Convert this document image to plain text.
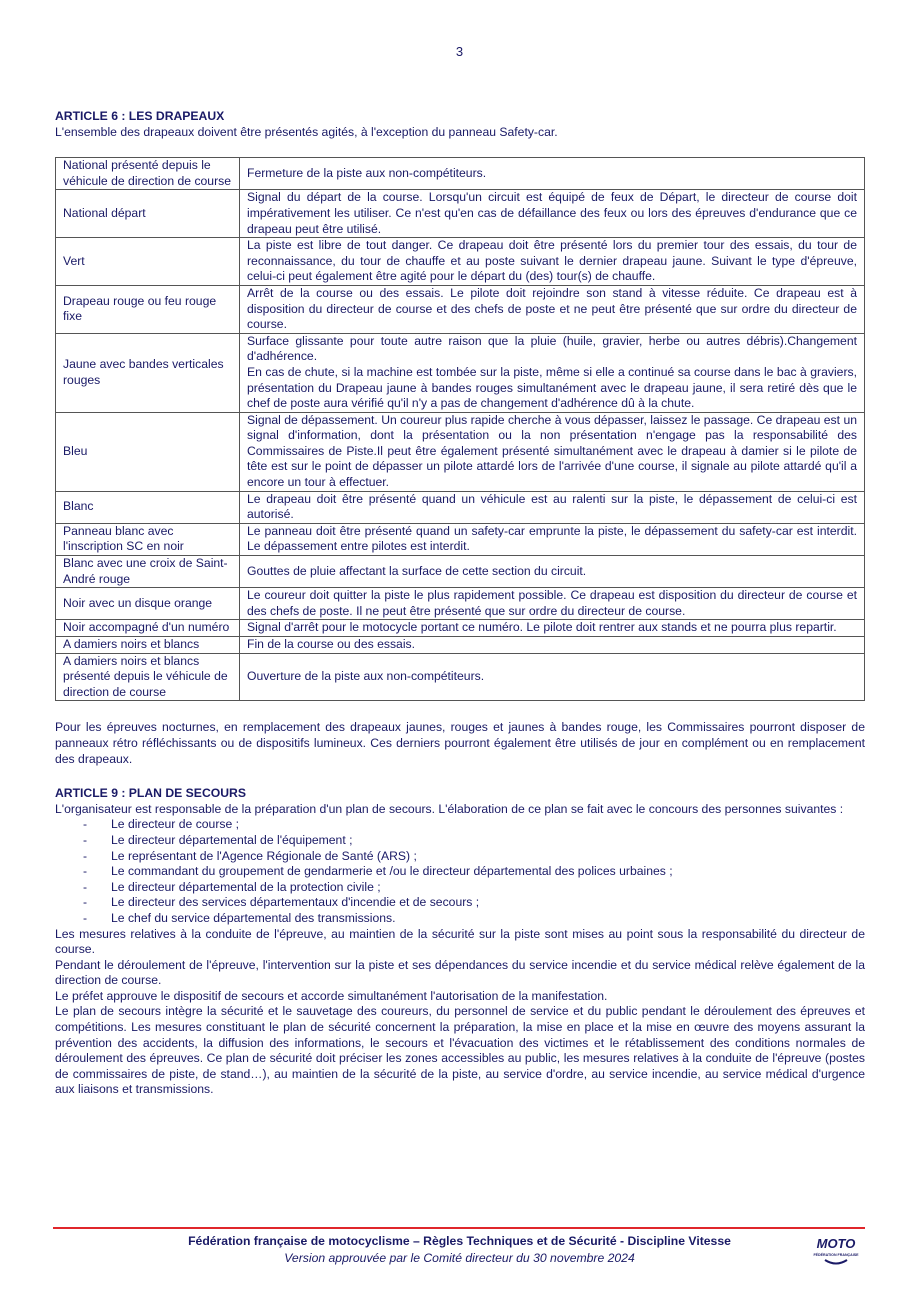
3
ARTICLE 6 : LES DRAPEAUX
L'ensemble des drapeaux doivent être présentés agités, à l'exception du panneau Safety-car.
National présenté depuis le véhicule de direction de course	Fermeture de la piste aux non-compétiteurs.
National départ	Signal du départ de la course. Lorsqu'un circuit est équipé de feux de Départ, le directeur de course doit impérativement les utiliser. Ce n'est qu'en cas de défaillance des feux ou lors des épreuves d'endurance que ce drapeau peut être utilisé.
Vert	La piste est libre de tout danger. Ce drapeau doit être présenté lors du premier tour des essais, du tour de reconnaissance, du tour de chauffe et au poste suivant le dernier drapeau jaune. Suivant le type d'épreuve, celui-ci peut également être agité pour le départ du (des) tour(s) de chauffe.
Drapeau rouge ou feu rouge fixe	Arrêt de la course ou des essais. Le pilote doit rejoindre son stand à vitesse réduite. Ce drapeau est à disposition du directeur de course et des chefs de poste et ne peut être présenté que sur ordre du directeur de course.
Jaune avec bandes verticales rouges	Surface glissante pour toute autre raison que la pluie (huile, gravier, herbe ou autres débris).Changement d'adhérence.
En cas de chute, si la machine est tombée sur la piste, même si elle a continué sa course dans le bac à graviers, présentation du Drapeau jaune à bandes rouges simultanément avec le drapeau jaune, il sera retiré dès que le chef de poste aura vérifié qu'il n'y a pas de changement d'adhérence dû à la chute.
Bleu	Signal de dépassement. Un coureur plus rapide cherche à vous dépasser, laissez le passage. Ce drapeau est un signal d'information, dont la présentation ou la non présentation n'engage pas la responsabilité des Commissaires de Piste.Il peut être également présenté simultanément avec le drapeau à damier si le pilote de tête est sur le point de dépasser un pilote attardé lors de l'arrivée d'une course, il signale au pilote attardé qu'il a encore un tour à effectuer.
Blanc	Le drapeau doit être présenté quand un véhicule est au ralenti sur la piste, le dépassement de celui-ci est autorisé.
Panneau blanc avec l'inscription SC en noir	Le panneau doit être présenté quand un safety-car emprunte la piste, le dépassement du safety-car est interdit. Le dépassement entre pilotes est interdit.
Blanc avec une croix de Saint-André rouge	Gouttes de pluie affectant la surface de cette section du circuit.
Noir avec un disque orange	Le coureur doit quitter la piste le plus rapidement possible. Ce drapeau est disposition du directeur de course et des chefs de poste. Il ne peut être présenté que sur ordre du directeur de course.
Noir accompagné d'un numéro	Signal d'arrêt pour le motocycle portant ce numéro. Le pilote doit rentrer aux stands et ne pourra plus repartir.
A damiers noirs et blancs	Fin de la course ou des essais.
A damiers noirs et blancs présenté depuis le véhicule de direction de course	Ouverture de la piste aux non-compétiteurs.

Pour les épreuves nocturnes, en remplacement des drapeaux jaunes, rouges et jaunes à bandes rouge, les Commissaires pourront disposer de panneaux rétro réfléchissants ou de dispositifs lumineux. Ces derniers pourront également être utilisés de jour en complément ou en remplacement des drapeaux.

ARTICLE 9 : PLAN DE SECOURS

L'organisateur est responsable de la préparation d'un plan de secours. L'élaboration de ce plan se fait avec le concours des personnes suivantes :

- Le directeur de course ;
- Le directeur départemental de l'équipement ;
- Le représentant de l'Agence Régionale de Santé (ARS) ;
- Le commandant du groupement de gendarmerie et /ou le directeur départemental des polices urbaines ;
- Le directeur départemental de la protection civile ;
- Le directeur des services départementaux d'incendie et de secours ;
- Le chef du service départemental des transmissions.

Les mesures relatives à la conduite de l'épreuve, au maintien de la sécurité sur la piste sont mises au point sous la responsabilité du directeur de course.

Pendant le déroulement de l'épreuve, l'intervention sur la piste et ses dépendances du service incendie et du service médical relève également de la direction de course.

Le préfet approuve le dispositif de secours et accorde simultanément l'autorisation de la manifestation.

Le plan de secours intègre la sécurité et le sauvetage des coureurs, du personnel de service et du public pendant le déroulement des épreuves et compétitions. Les mesures constituant le plan de sécurité concernent la préparation, la mise en place et la mise en œuvre des moyens assurant la prévention des accidents, la diffusion des informations, le secours et l'évacuation des victimes et le rétablissement des conditions normales de déroulement des épreuves. Ce plan de sécurité doit préciser les zones accessibles au public, les mesures relatives à la conduite de l'épreuve (postes de commissaires de piste, de stand…), au maintien de la sécurité de la piste, au service d'ordre, au service incendie, au service médical d'urgence aux liaisons et transmissions.

Fédération française de motocyclisme – Règles Techniques et de Sécurité - Discipline Vitesse
Version approuvée par le Comité directeur du 30 novembre 2024
MOTO
FÉDÉRATION FRANÇAISE
